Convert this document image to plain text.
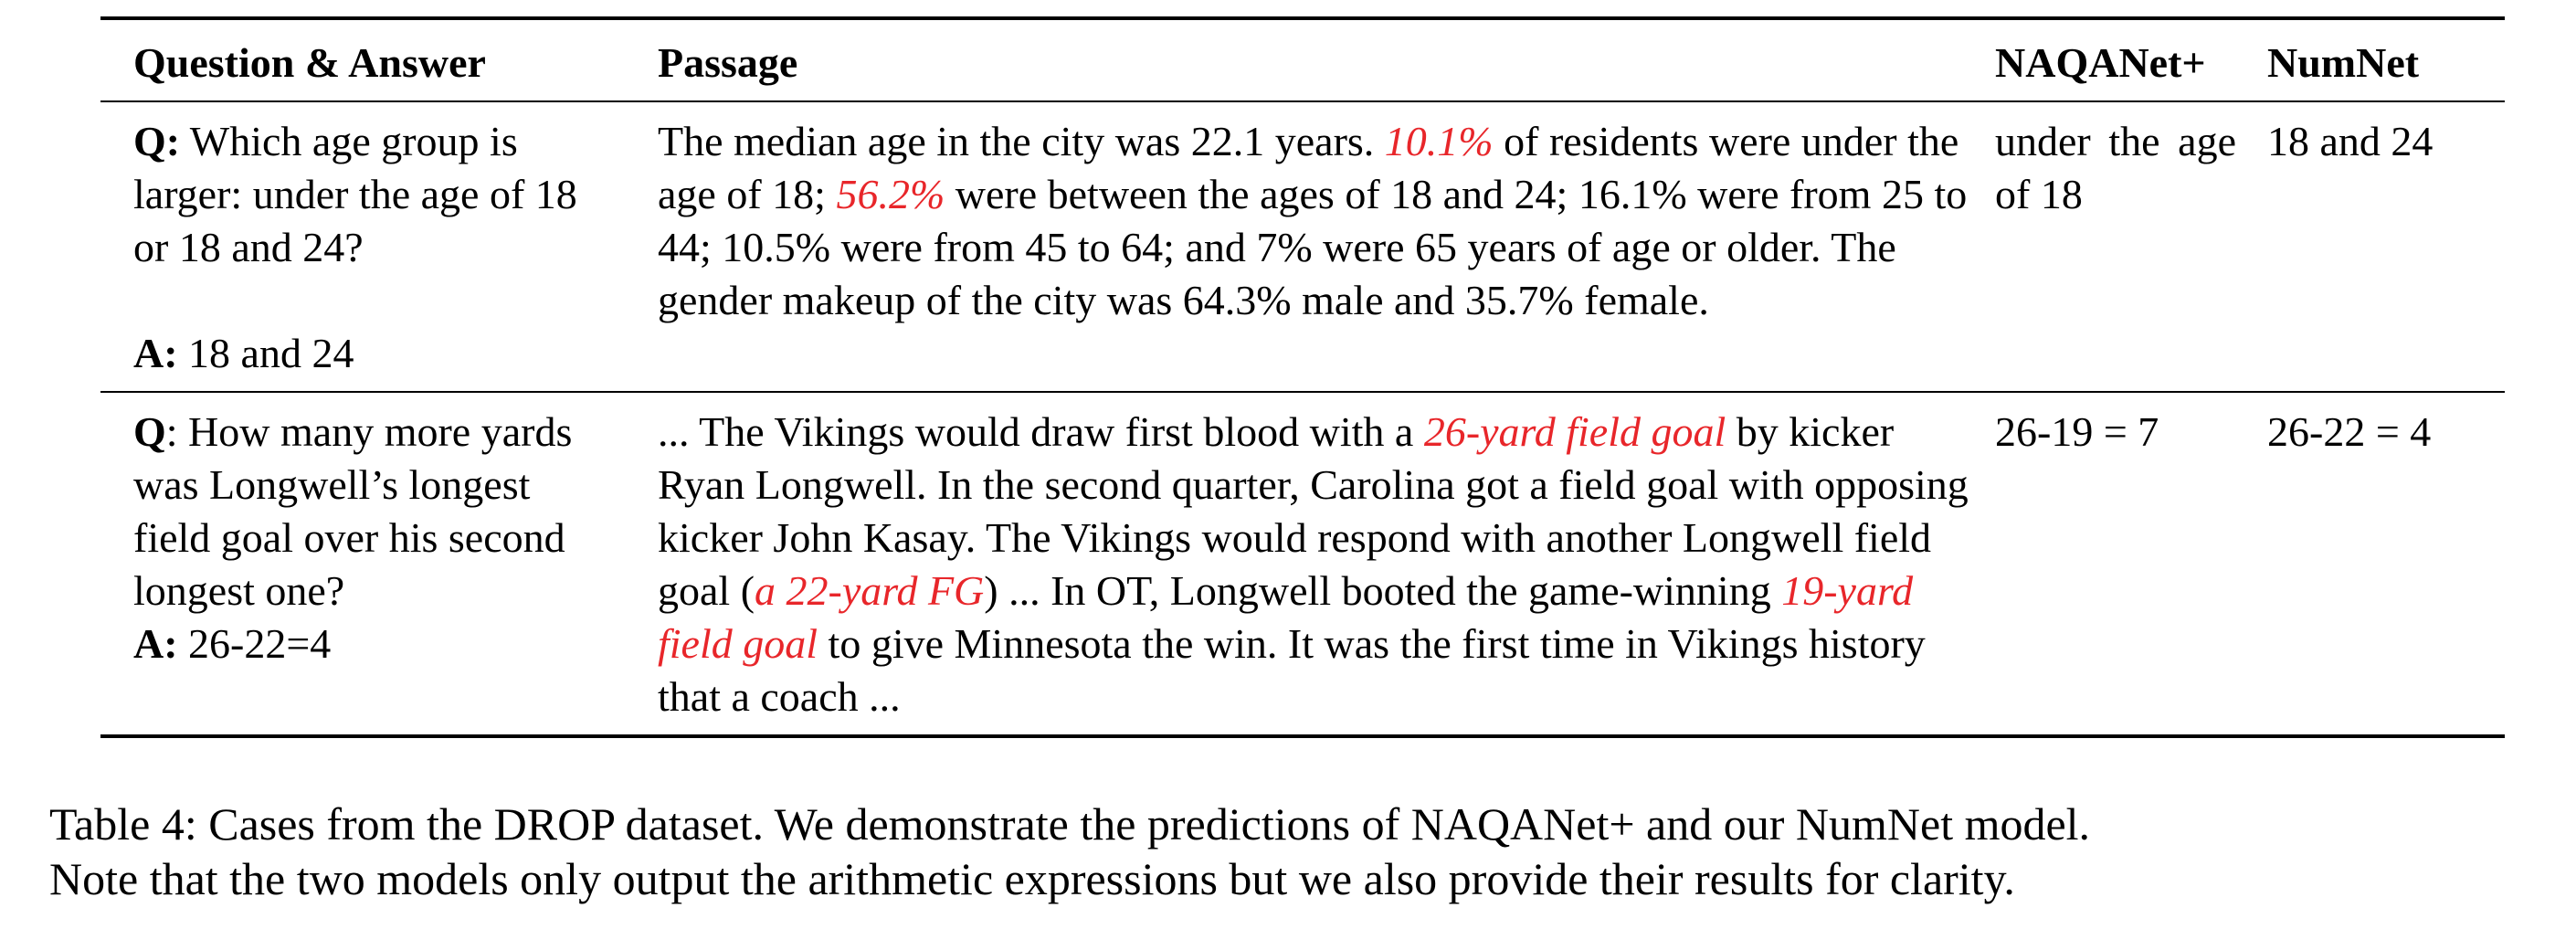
Question & Answer	Passage	NAQANet+	NumNet

Q: Which age group is larger: under the age of 18 or 18 and 24?
A: 18 and 24	The median age in the city was 22.1 years. 10.1% of residents were under the age of 18; 56.2% were between the ages of 18 and 24; 16.1% were from 25 to 44; 10.5% were from 45 to 64; and 7% were 65 years of age or older. The gender makeup of the city was 64.3% male and 35.7% female.	under the age of 18	18 and 24

Q: How many more yards was Longwell’s longest field goal over his second longest one?
A: 26-22=4	... The Vikings would draw first blood with a 26-yard field goal by kicker Ryan Longwell. In the second quarter, Carolina got a field goal with opposing kicker John Kasay. The Vikings would respond with another Longwell field goal (a 22-yard FG) ... In OT, Longwell booted the game-winning 19-yard field goal to give Minnesota the win. It was the first time in Vikings history that a coach ...	26-19 = 7	26-22 = 4
Table 4: Cases from the DROP dataset. We demonstrate the predictions of NAQANet+ and our NumNet model.
Note that the two models only output the arithmetic expressions but we also provide their results for clarity.
